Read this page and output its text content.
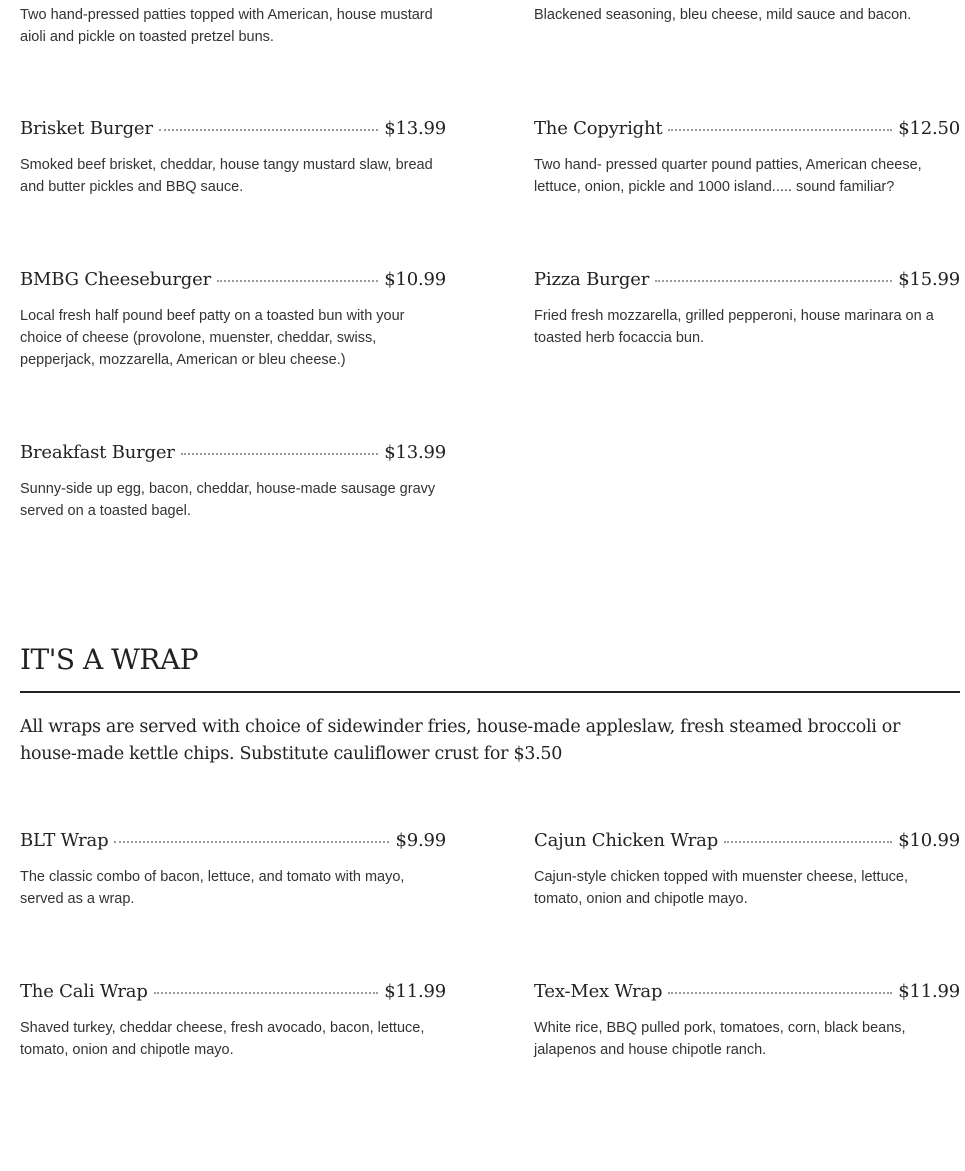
Two hand-pressed patties topped with American, house mustard aioli and pickle on toasted pretzel buns.
Blackened seasoning, bleu cheese, mild sauce and bacon.
Brisket Burger	$13.99
Smoked beef brisket, cheddar, house tangy mustard slaw, bread and butter pickles and BBQ sauce.
The Copyright	$12.50
Two hand- pressed quarter pound patties, American cheese, lettuce, onion, pickle and 1000 island..... sound familiar?
BMBG Cheeseburger	$10.99
Local fresh half pound beef patty on a toasted bun with your choice of cheese (provolone, muenster, cheddar, swiss, pepperjack, mozzarella, American or bleu cheese.)
Pizza Burger	$15.99
Fried fresh mozzarella, grilled pepperoni, house marinara on a toasted herb focaccia bun.
Breakfast Burger	$13.99
Sunny-side up egg, bacon, cheddar, house-made sausage gravy served on a toasted bagel.
IT'S A WRAP
All wraps are served with choice of sidewinder fries, house-made appleslaw, fresh steamed broccoli or house-made kettle chips. Substitute cauliflower crust for $3.50
BLT Wrap	$9.99
The classic combo of bacon, lettuce, and tomato with mayo, served as a wrap.
Cajun Chicken Wrap	$10.99
Cajun-style chicken topped with muenster cheese, lettuce, tomato, onion and chipotle mayo.
The Cali Wrap	$11.99
Shaved turkey, cheddar cheese, fresh avocado, bacon, lettuce, tomato, onion and chipotle mayo.
Tex-Mex Wrap	$11.99
White rice, BBQ pulled pork, tomatoes, corn, black beans, jalapenos and house chipotle ranch.
